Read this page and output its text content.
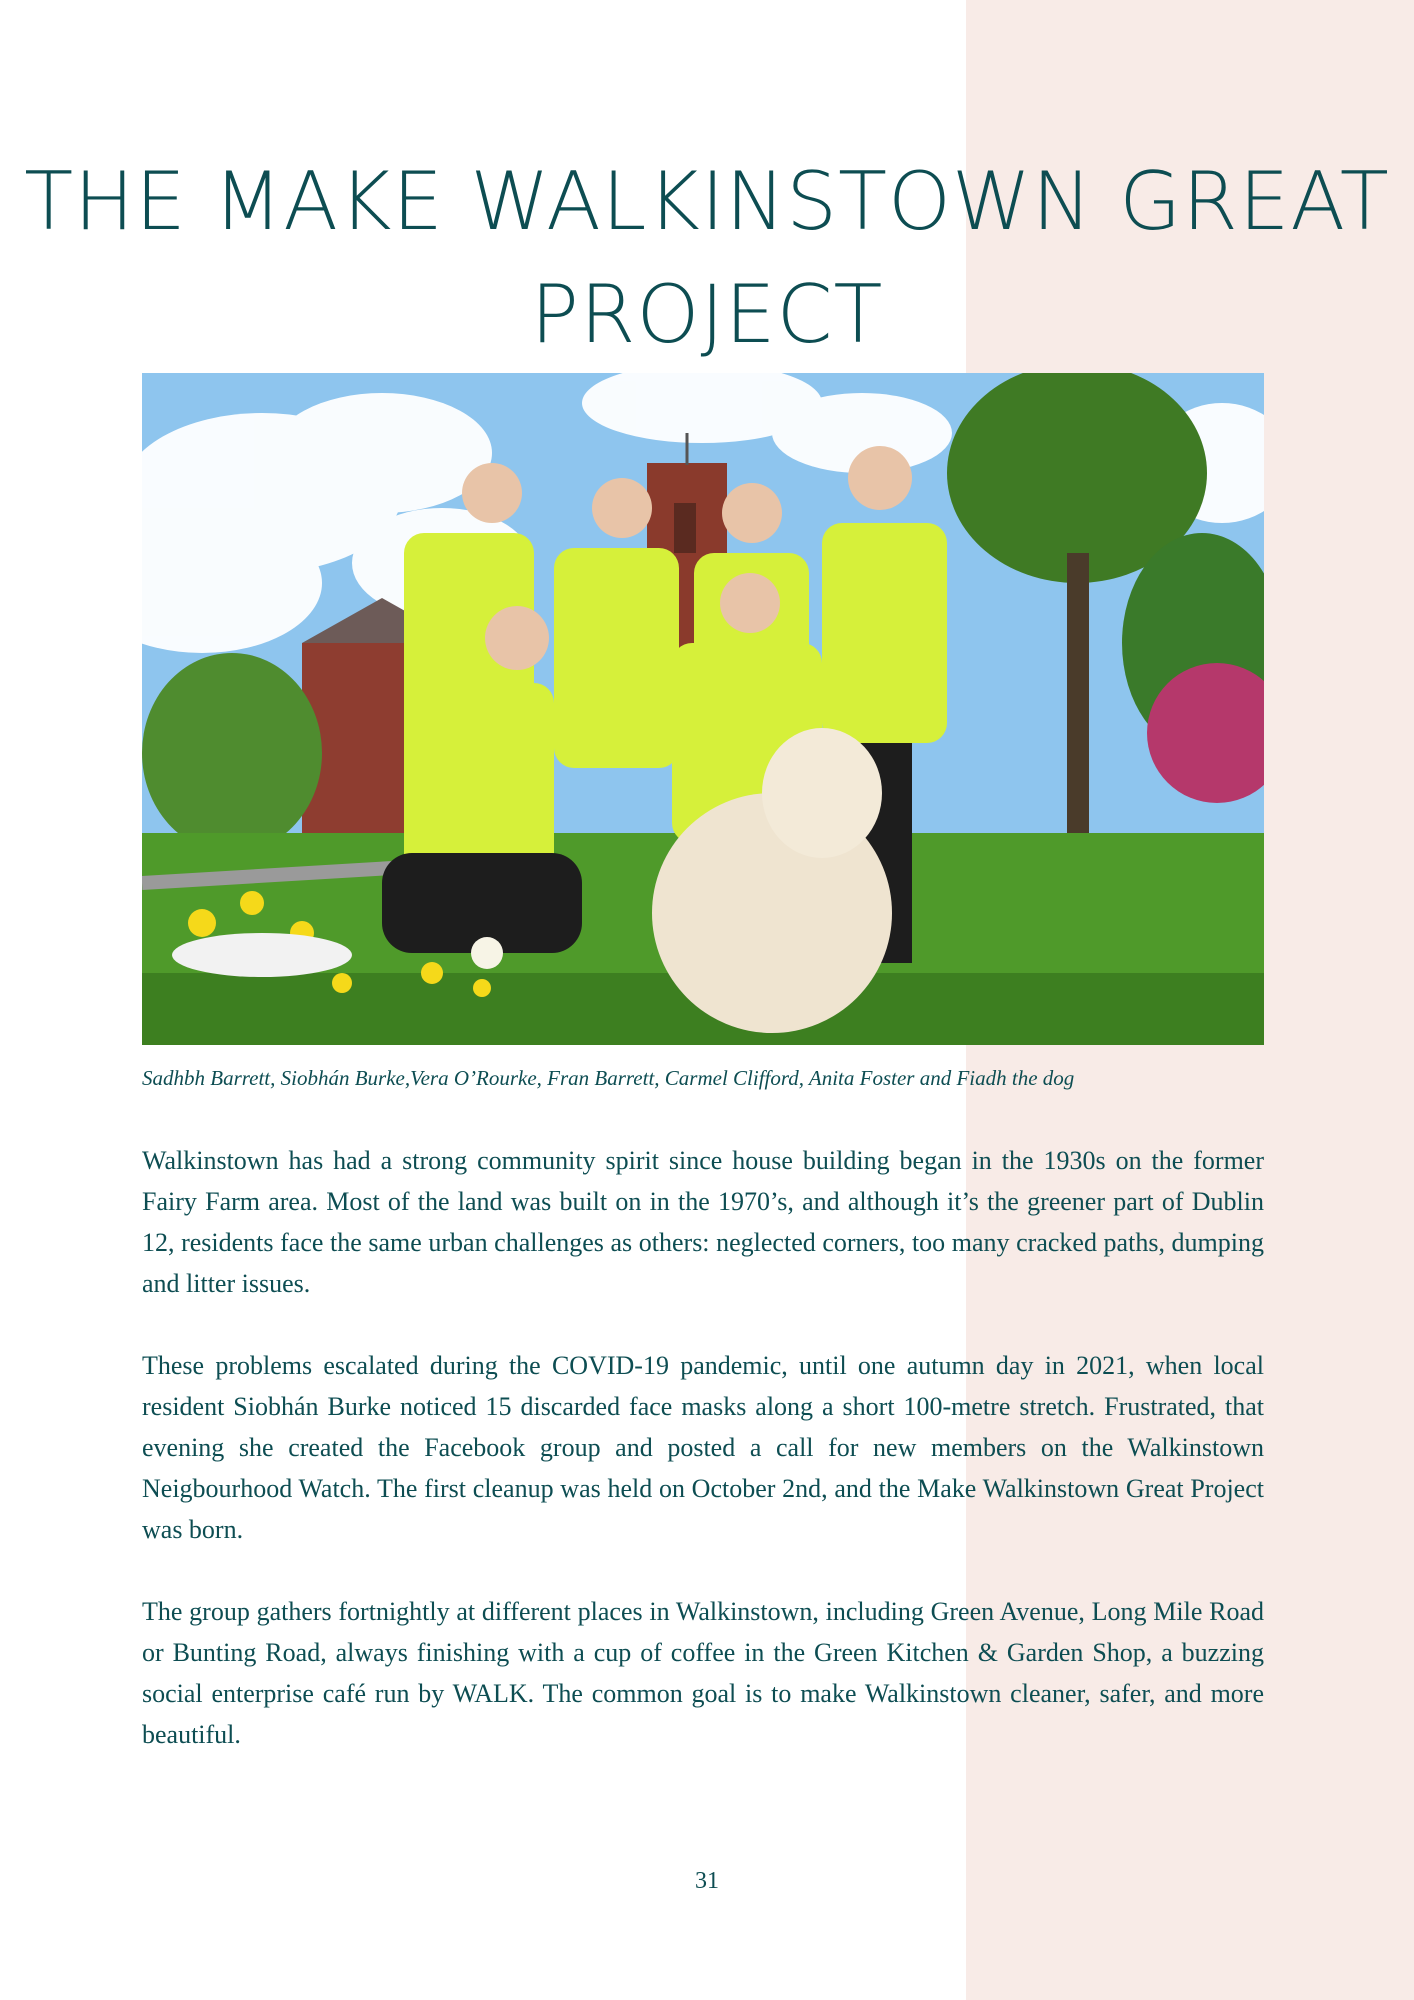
THE MAKE WALKINSTOWN GREAT PROJECT

Sadhbh Barrett, Siobhán Burke,Vera O’Rourke, Fran Barrett, Carmel Clifford, Anita Foster and Fiadh the dog

Walkinstown has had a strong community spirit since house building began in the 1930s on the former Fairy Farm area. Most of the land was built on in the 1970’s, and although it’s the greener part of Dublin 12, residents face the same urban challenges as others: neglected corners, too many cracked paths, dumping and litter issues.

These problems escalated during the COVID-19 pandemic, until one autumn day in 2021, when local resident Siobhán Burke noticed 15 discarded face masks along a short 100-metre stretch. Frustrated, that evening she created the Facebook group and posted a call for new members on the Walkinstown Neigbourhood Watch. The first cleanup was held on October 2nd, and the Make Walkinstown Great Project was born.

The group gathers fortnightly at different places in Walkinstown, including Green Avenue, Long Mile Road or Bunting Road, always finishing with a cup of coffee in the Green Kitchen & Garden Shop, a buzzing social enterprise café run by WALK. The common goal is to make Walkinstown cleaner, safer, and more beautiful.

31
